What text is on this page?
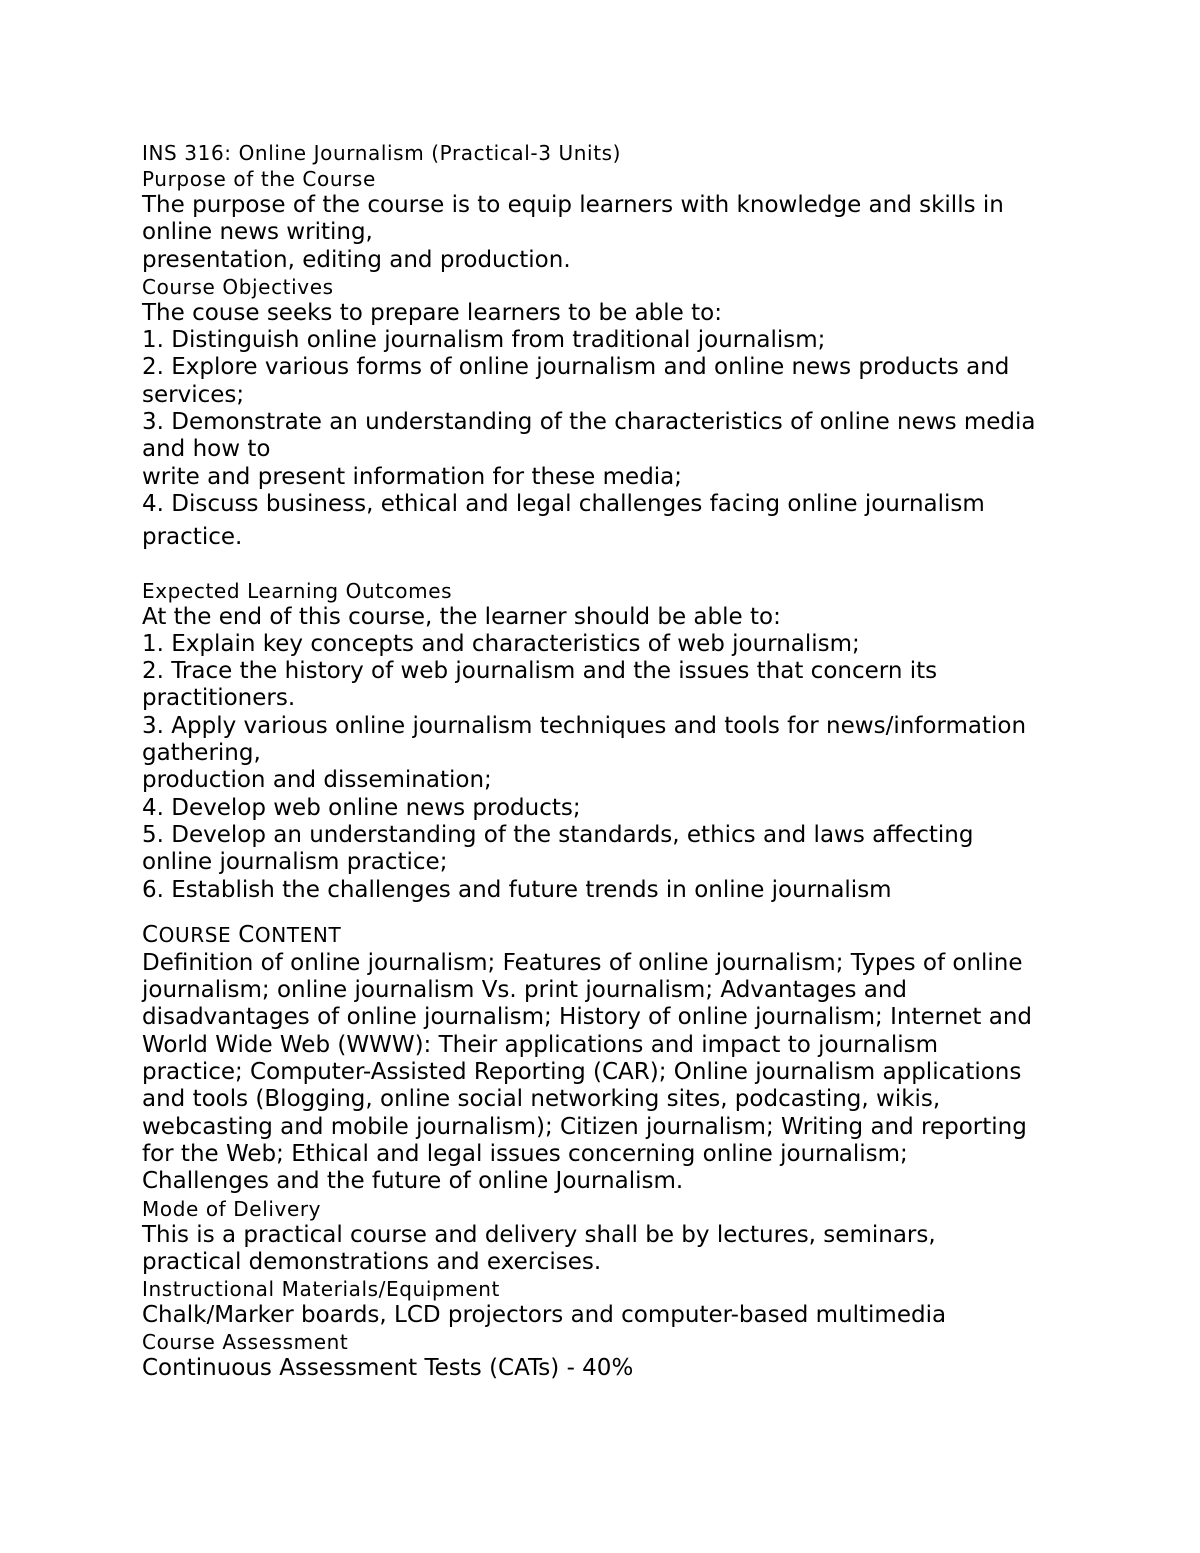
INS 316: Online Journalism (Practical-3 Units)

Purpose of the Course

The purpose of the course is to equip learners with knowledge and skills in

online news writing,

presentation, editing and production.

Course Objectives

The couse seeks to prepare learners to be able to:

1. Distinguish online journalism from traditional journalism;

2. Explore various forms of online journalism and online news products and

services;

3. Demonstrate an understanding of the characteristics of online news media

and how to

write and present information for these media;

4. Discuss business, ethical and legal challenges facing online journalism

practice.

Expected Learning Outcomes

At the end of this course, the learner should be able to:

1. Explain key concepts and characteristics of web journalism;

2. Trace the history of web journalism and the issues that concern its

practitioners.

3. Apply various online journalism techniques and tools for news/information

gathering,

production and dissemination;

4. Develop web online news products;

5. Develop an understanding of the standards, ethics and laws affecting

online journalism practice;

6. Establish the challenges and future trends in online journalism

COURSE CONTENT

Definition of online journalism; Features of online journalism; Types of online

journalism; online journalism Vs. print journalism; Advantages and

disadvantages of online journalism; History of online journalism; Internet and

World Wide Web (WWW): Their applications and impact to journalism

practice; Computer-Assisted Reporting (CAR); Online journalism applications

and tools (Blogging, online social networking sites, podcasting, wikis,

webcasting and mobile journalism); Citizen journalism; Writing and reporting

for the Web; Ethical and legal issues concerning online journalism;

Challenges and the future of online Journalism.

Mode of Delivery

This is a practical course and delivery shall be by lectures, seminars,

practical demonstrations and exercises.

Instructional Materials/Equipment

Chalk/Marker boards, LCD projectors and computer-based multimedia

Course Assessment

Continuous Assessment Tests (CATs) - 40%
